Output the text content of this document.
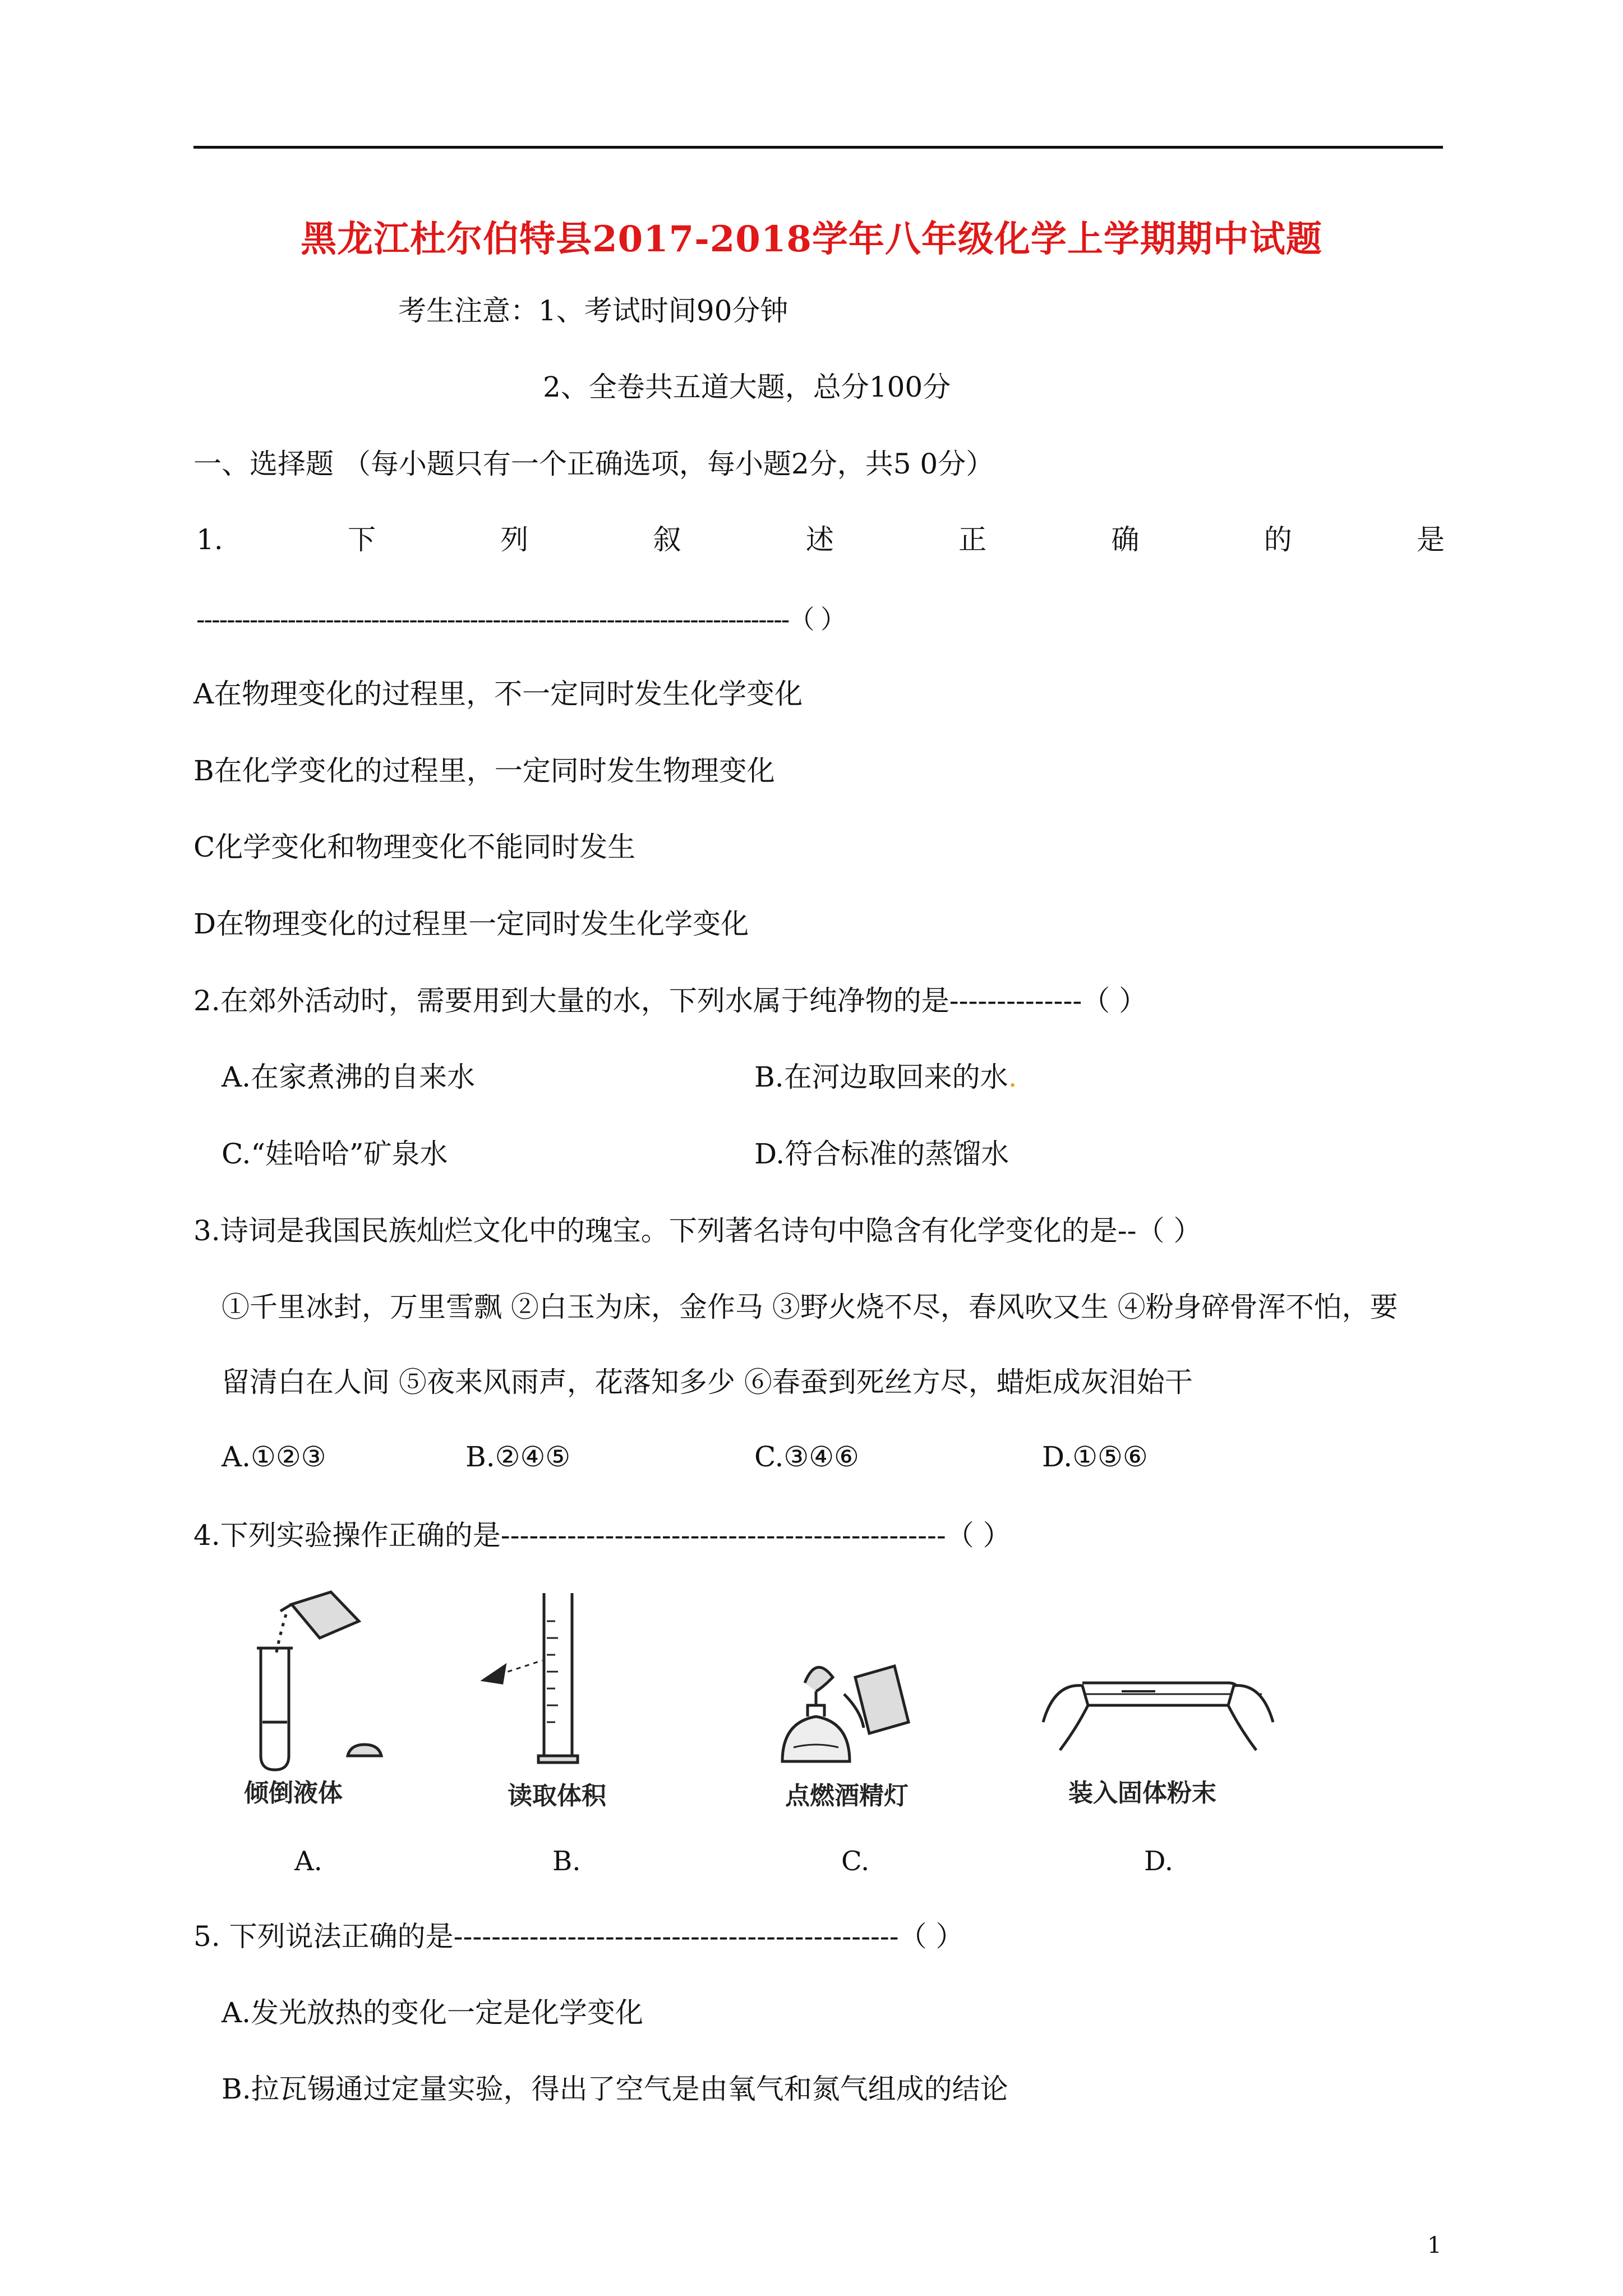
黑龙江杜尔伯特县2017-2018学年八年级化学上学期期中试题
考生注意：1、考试时间90分钟
2、全卷共五道大题，总分100分
一、选择题 （每小题只有一个正确选项，每小题2分，共5 0分）
1.	下	列	叙	述	正	确	的	是
------------------------------------------------------------------------------（ ）
A在物理变化的过程里，不一定同时发生化学变化
B在化学变化的过程里，一定同时发生物理变化
C化学变化和物理变化不能同时发生
D在物理变化的过程里一定同时发生化学变化
2.在郊外活动时，需要用到大量的水，下列水属于纯净物的是--------------（ ）
A.在家煮沸的自来水	B.在河边取回来的水.
C.“娃哈哈”矿泉水	D.符合标准的蒸馏水
3.诗词是我国民族灿烂文化中的瑰宝。下列著名诗句中隐含有化学变化的是--（ ）
①千里冰封，万里雪飘 ②白玉为床，金作马 ③野火烧不尽，春风吹又生 ④粉身碎骨浑不怕，要
留清白在人间 ⑤夜来风雨声，花落知多少 ⑥春蚕到死丝方尽，蜡炬成灰泪始干
A.①②③	B.②④⑤	C.③④⑥	D.①⑤⑥
4.下列实验操作正确的是-----------------------------------------------（ ）
倾倒液体	读取体积	点燃酒精灯	装入固体粉末
A.	B.	C.	D.
5. 下列说法正确的是-----------------------------------------------（ ）
A.发光放热的变化一定是化学变化
B.拉瓦锡通过定量实验，得出了空气是由氧气和氮气组成的结论
1
